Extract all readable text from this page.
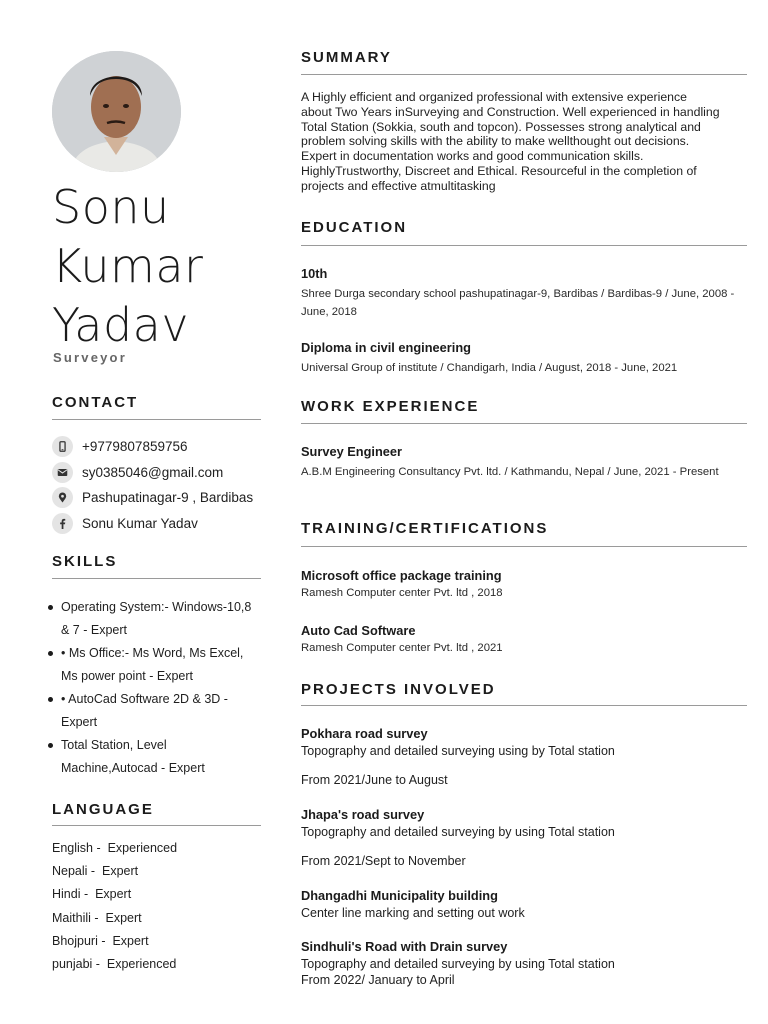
Sonu
Kumar
Yadav
Surveyor
CONTACT
+9779807859756
sy0385046@gmail.com
Pashupatinagar-9 , Bardibas
Sonu Kumar Yadav
SKILLS
Operating System:- Windows-10,8 & 7 - Expert
• Ms Office:- Ms Word, Ms Excel, Ms power point - Expert
• AutoCad Software 2D & 3D - Expert
Total Station, Level Machine,Autocad - Expert
LANGUAGE
English -  Experienced
Nepali -  Expert
Hindi -  Expert
Maithili -  Expert
Bhojpuri -  Expert
punjabi -  Experienced
SUMMARY
A Highly efficient and organized professional with extensive experience
about Two Years inSurveying and Construction. Well experienced in handling
Total Station (Sokkia, south and topcon). Possesses strong analytical and
problem solving skills with the ability to make wellthought out decisions.
Expert in documentation works and good communication skills.
HighlyTrustworthy, Discreet and Ethical. Resourceful in the completion of
projects and effective atmultitasking
EDUCATION
10th
Shree Durga secondary school pashupatinagar-9, Bardibas / Bardibas-9 / June, 2008 - June, 2018
Diploma in civil engineering
Universal Group of institute / Chandigarh, India / August, 2018 - June, 2021
WORK EXPERIENCE
Survey Engineer
A.B.M Engineering Consultancy Pvt. ltd. / Kathmandu, Nepal / June, 2021 - Present
TRAINING/CERTIFICATIONS
Microsoft office package training
Ramesh Computer center Pvt. ltd , 2018
Auto Cad Software
Ramesh Computer center Pvt. ltd , 2021
PROJECTS INVOLVED
Pokhara road survey
Topography and detailed surveying using by Total station
From 2021/June to August
Jhapa's road survey
Topography and detailed surveying by using Total station
From 2021/Sept to November
Dhangadhi Municipality building
Center line marking and setting out work
Sindhuli's Road with Drain survey
Topography and detailed surveying by using Total station
From 2022/ January to April
